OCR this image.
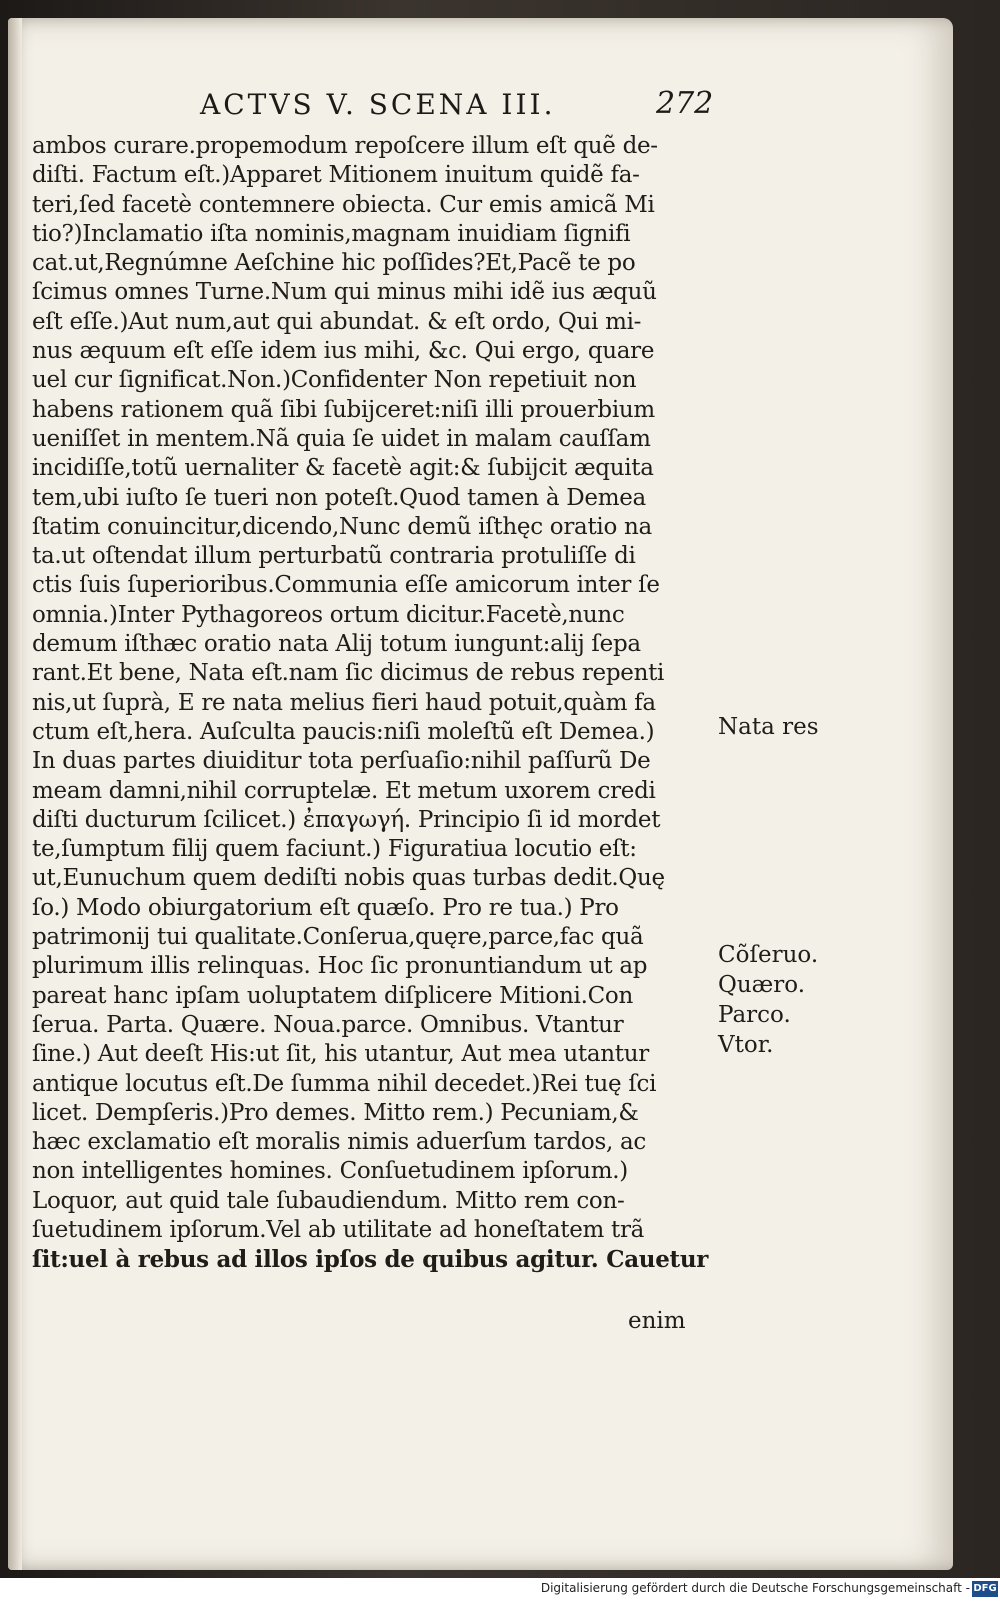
ACTVS V. SCENA III.	272
ambos curare.propemodum repoſcere illum eſt quẽ de-
diſti. Factum eſt.)Apparet Mitionem inuitum quidẽ fa-
teri,ſed facetè contemnere obiecta. Cur emis amicã Mi
tio?)Inclamatio iſta nominis,magnam inuidiam ſignifi
cat.ut,Regnúmne Aeſchine hic poſſides?Et,Pacẽ te po
ſcimus omnes Turne.Num qui minus mihi idẽ ius æquũ
eſt eſſe.)Aut num,aut qui abundat. & eſt ordo, Qui mi-
nus æquum eſt eſſe idem ius mihi, &c. Qui ergo, quare
uel cur ſignificat.Non.)Confidenter Non repetiuit non
habens rationem quã ſibi ſubijceret:niſi illi prouerbium
ueniſſet in mentem.Nã quia ſe uidet in malam cauſſam
incidiſſe,totũ uernaliter & facetè agit:& ſubijcit æquita
tem,ubi iuſto ſe tueri non poteſt.Quod tamen à Demea
ſtatim conuincitur,dicendo,Nunc demũ iſthęc oratio na
ta.ut oſtendat illum perturbatũ contraria protuliſſe di
ctis ſuis ſuperioribus.Communia eſſe amicorum inter ſe
omnia.)Inter Pythagoreos ortum dicitur.Facetè,nunc
demum iſthæc oratio nata Alij totum iungunt:alij ſepa
rant.Et bene, Nata eſt.nam ſic dicimus de rebus repenti
nis,ut ſuprà, E re nata melius fieri haud potuit,quàm fa
ctum eſt,hera. Auſculta paucis:niſi moleſtũ eſt Demea.)
In duas partes diuiditur tota perſuaſio:nihil paſſurũ De
meam damni,nihil corruptelæ. Et metum uxorem credi
diſti ducturum ſcilicet.) ἐπαγωγή. Principio ſi id mordet
te,ſumptum filij quem faciunt.) Figuratiua locutio eſt:
ut,Eunuchum quem dediſti nobis quas turbas dedit.Quę
ſo.) Modo obiurgatorium eſt quæſo. Pro re tua.) Pro
patrimonij tui qualitate.Conſerua,quęre,parce,fac quã
plurimum illis relinquas. Hoc ſic pronuntiandum ut ap
pareat hanc ipſam uoluptatem diſplicere Mitioni.Con
ſerua. Parta. Quære. Noua.parce. Omnibus. Vtantur
ſine.) Aut deeſt His:ut ſit, his utantur, Aut mea utantur
antique locutus eſt.De ſumma nihil decedet.)Rei tuę ſci
licet. Dempſeris.)Pro demes. Mitto rem.) Pecuniam,&
hæc exclamatio eſt moralis nimis aduerſum tardos, ac
non intelligentes homines. Conſuetudinem ipſorum.)
Loquor, aut quid tale ſubaudiendum. Mitto rem con-
ſuetudinem ipſorum.Vel ab utilitate ad honeſtatem trã
ſit:uel à rebus ad illos ipſos de quibus agitur. Cauetur
enim
Nata res
Cõſeruo.
Quæro.
Parco.
Vtor.
Digitalisierung gefördert durch die Deutsche Forschungsgemeinschaft - DFG
